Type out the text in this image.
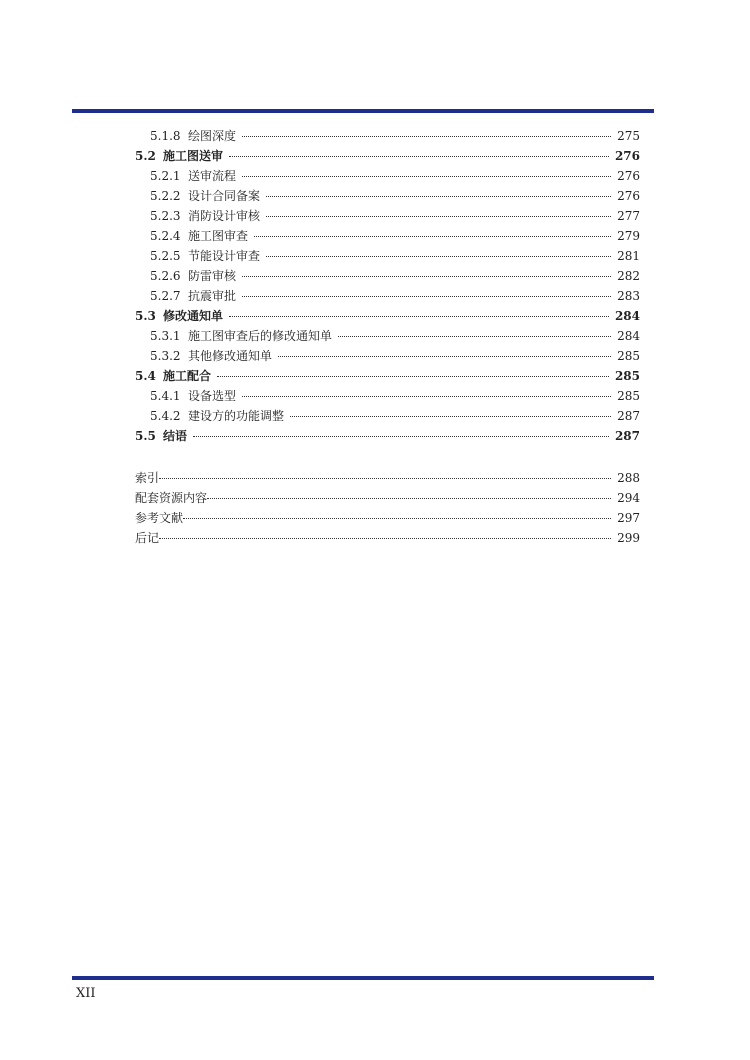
5.1.8 绘图深度	275
5.2 施工图送审	276
5.2.1 送审流程	276
5.2.2 设计合同备案	276
5.2.3 消防设计审核	277
5.2.4 施工图审查	279
5.2.5 节能设计审查	281
5.2.6 防雷审核	282
5.2.7 抗震审批	283
5.3 修改通知单	284
5.3.1 施工图审查后的修改通知单	284
5.3.2 其他修改通知单	285
5.4 施工配合	285
5.4.1 设备选型	285
5.4.2 建设方的功能调整	287
5.5 结语	287
索引	288
配套资源内容	294
参考文献	297
后记	299
XII
